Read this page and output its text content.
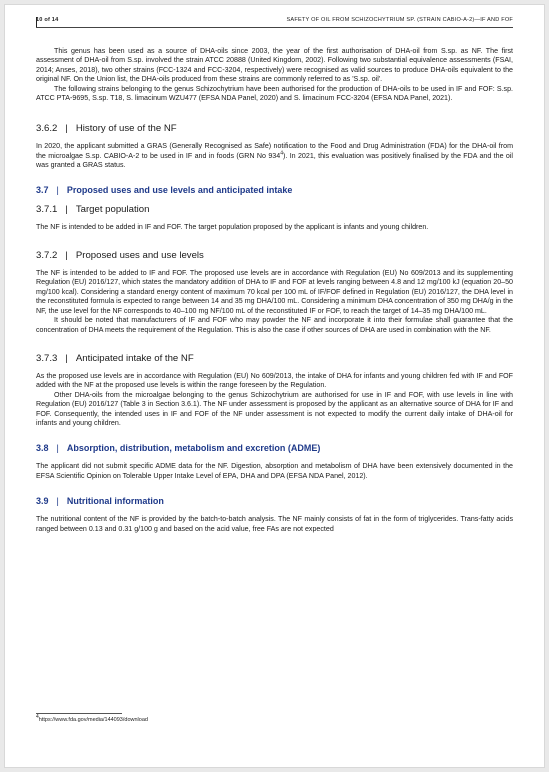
10 of 14	SAFETY OF OIL FROM SCHIZOCHYTRIUM SP. (STRAIN CABIO-A-2)—IF AND FOF

This genus has been used as a source of DHA-oils since 2003, the year of the first authorisation of DHA-oil from S.sp. as NF. The first assessment of DHA-oil from S.sp. involved the strain ATCC 20888 (United Kingdom, 2002). Following two substantial equivalence assessments (FSAI, 2014; Anses, 2018), two other strains (FCC-1324 and FCC-3204, respectively) were recognised as valid sources to produce DHA-oils equivalent to the original NF. On the Union list, the DHA-oils produced from these strains are commonly referred to as 'S.sp. oil'.

The following strains belonging to the genus Schizochytrium have been authorised for the production of DHA-oils to be used in IF and FOF: S.sp. ATCC PTA-9695, S.sp. T18, S. limacinum WZU477 (EFSA NDA Panel, 2020) and S. limacinum FCC-3204 (EFSA NDA Panel, 2021).

3.6.2 | History of use of the NF

In 2020, the applicant submitted a GRAS (Generally Recognised as Safe) notification to the Food and Drug Administration (FDA) for the DHA-oil from the microalgae S.sp. CABIO-A-2 to be used in IF and in foods (GRN No $934^4$). In 2021, this evaluation was positively finalised by the FDA and the oil was granted a GRAS status.

3.7 | Proposed uses and use levels and anticipated intake
3.7.1 | Target population

The NF is intended to be added in IF and FOF. The target population proposed by the applicant is infants and young children.

3.7.2 | Proposed uses and use levels

The NF is intended to be added to IF and FOF. The proposed use levels are in accordance with Regulation (EU) No 609/2013 and its supplementing Regulation (EU) 2016/127, which states the mandatory addition of DHA to IF and FOF at levels ranging between 4.8 and 12 mg/100 kJ (equation 20–50 mg/100 kcal). Considering a standard energy content of maximum 70 kcal per 100 mL of IF/FOF defined in Regulation (EU) 2016/127, the DHA level in the reconstituted formula is expected to range between 14 and 35 mg DHA/100 mL. Considering a minimum DHA concentration of 350 mg DHA/g in the NF, the use level for the NF corresponds to 40–100 mg NF/100 mL of the reconstituted IF or FOF, to reach the target of 14–35 mg DHA/100 mL.

It should be noted that manufacturers of IF and FOF who may powder the NF and incorporate it into their formulae shall guarantee that the concentration of DHA meets the requirement of the Regulation. This is also the case if other sources of DHA are used in combination with the NF.

3.7.3 | Anticipated intake of the NF

As the proposed use levels are in accordance with Regulation (EU) No 609/2013, the intake of DHA for infants and young children fed with IF and FOF added with the NF at the proposed use levels is within the range foreseen by the Regulation.

Other DHA-oils from the microalgae belonging to the genus Schizochytrium are authorised for use in IF and FOF, with use levels in line with Regulation (EU) 2016/127 (Table 3 in Section 3.6.1). The NF under assessment is proposed by the applicant as an alternative source of DHA for IF and FOF. Consequently, the intended uses in IF and FOF of the NF under assessment is not expected to modify the current daily intake of DHA-oil for infants and young children.

3.8 | Absorption, distribution, metabolism and excretion (ADME)

The applicant did not submit specific ADME data for the NF. Digestion, absorption and metabolism of DHA have been extensively documented in the EFSA Scientific Opinion on Tolerable Upper Intake Level of EPA, DHA and DPA (EFSA NDA Panel, 2012).

3.9 | Nutritional information

The nutritional content of the NF is provided by the batch-to-batch analysis. The NF mainly consists of fat in the form of triglycerides. Trans-fatty acids ranged between 0.13 and 0.31 g/100 g and based on the acid value, free FAs are not expected

$^4$https://www.fda.gov/media/144093/download
